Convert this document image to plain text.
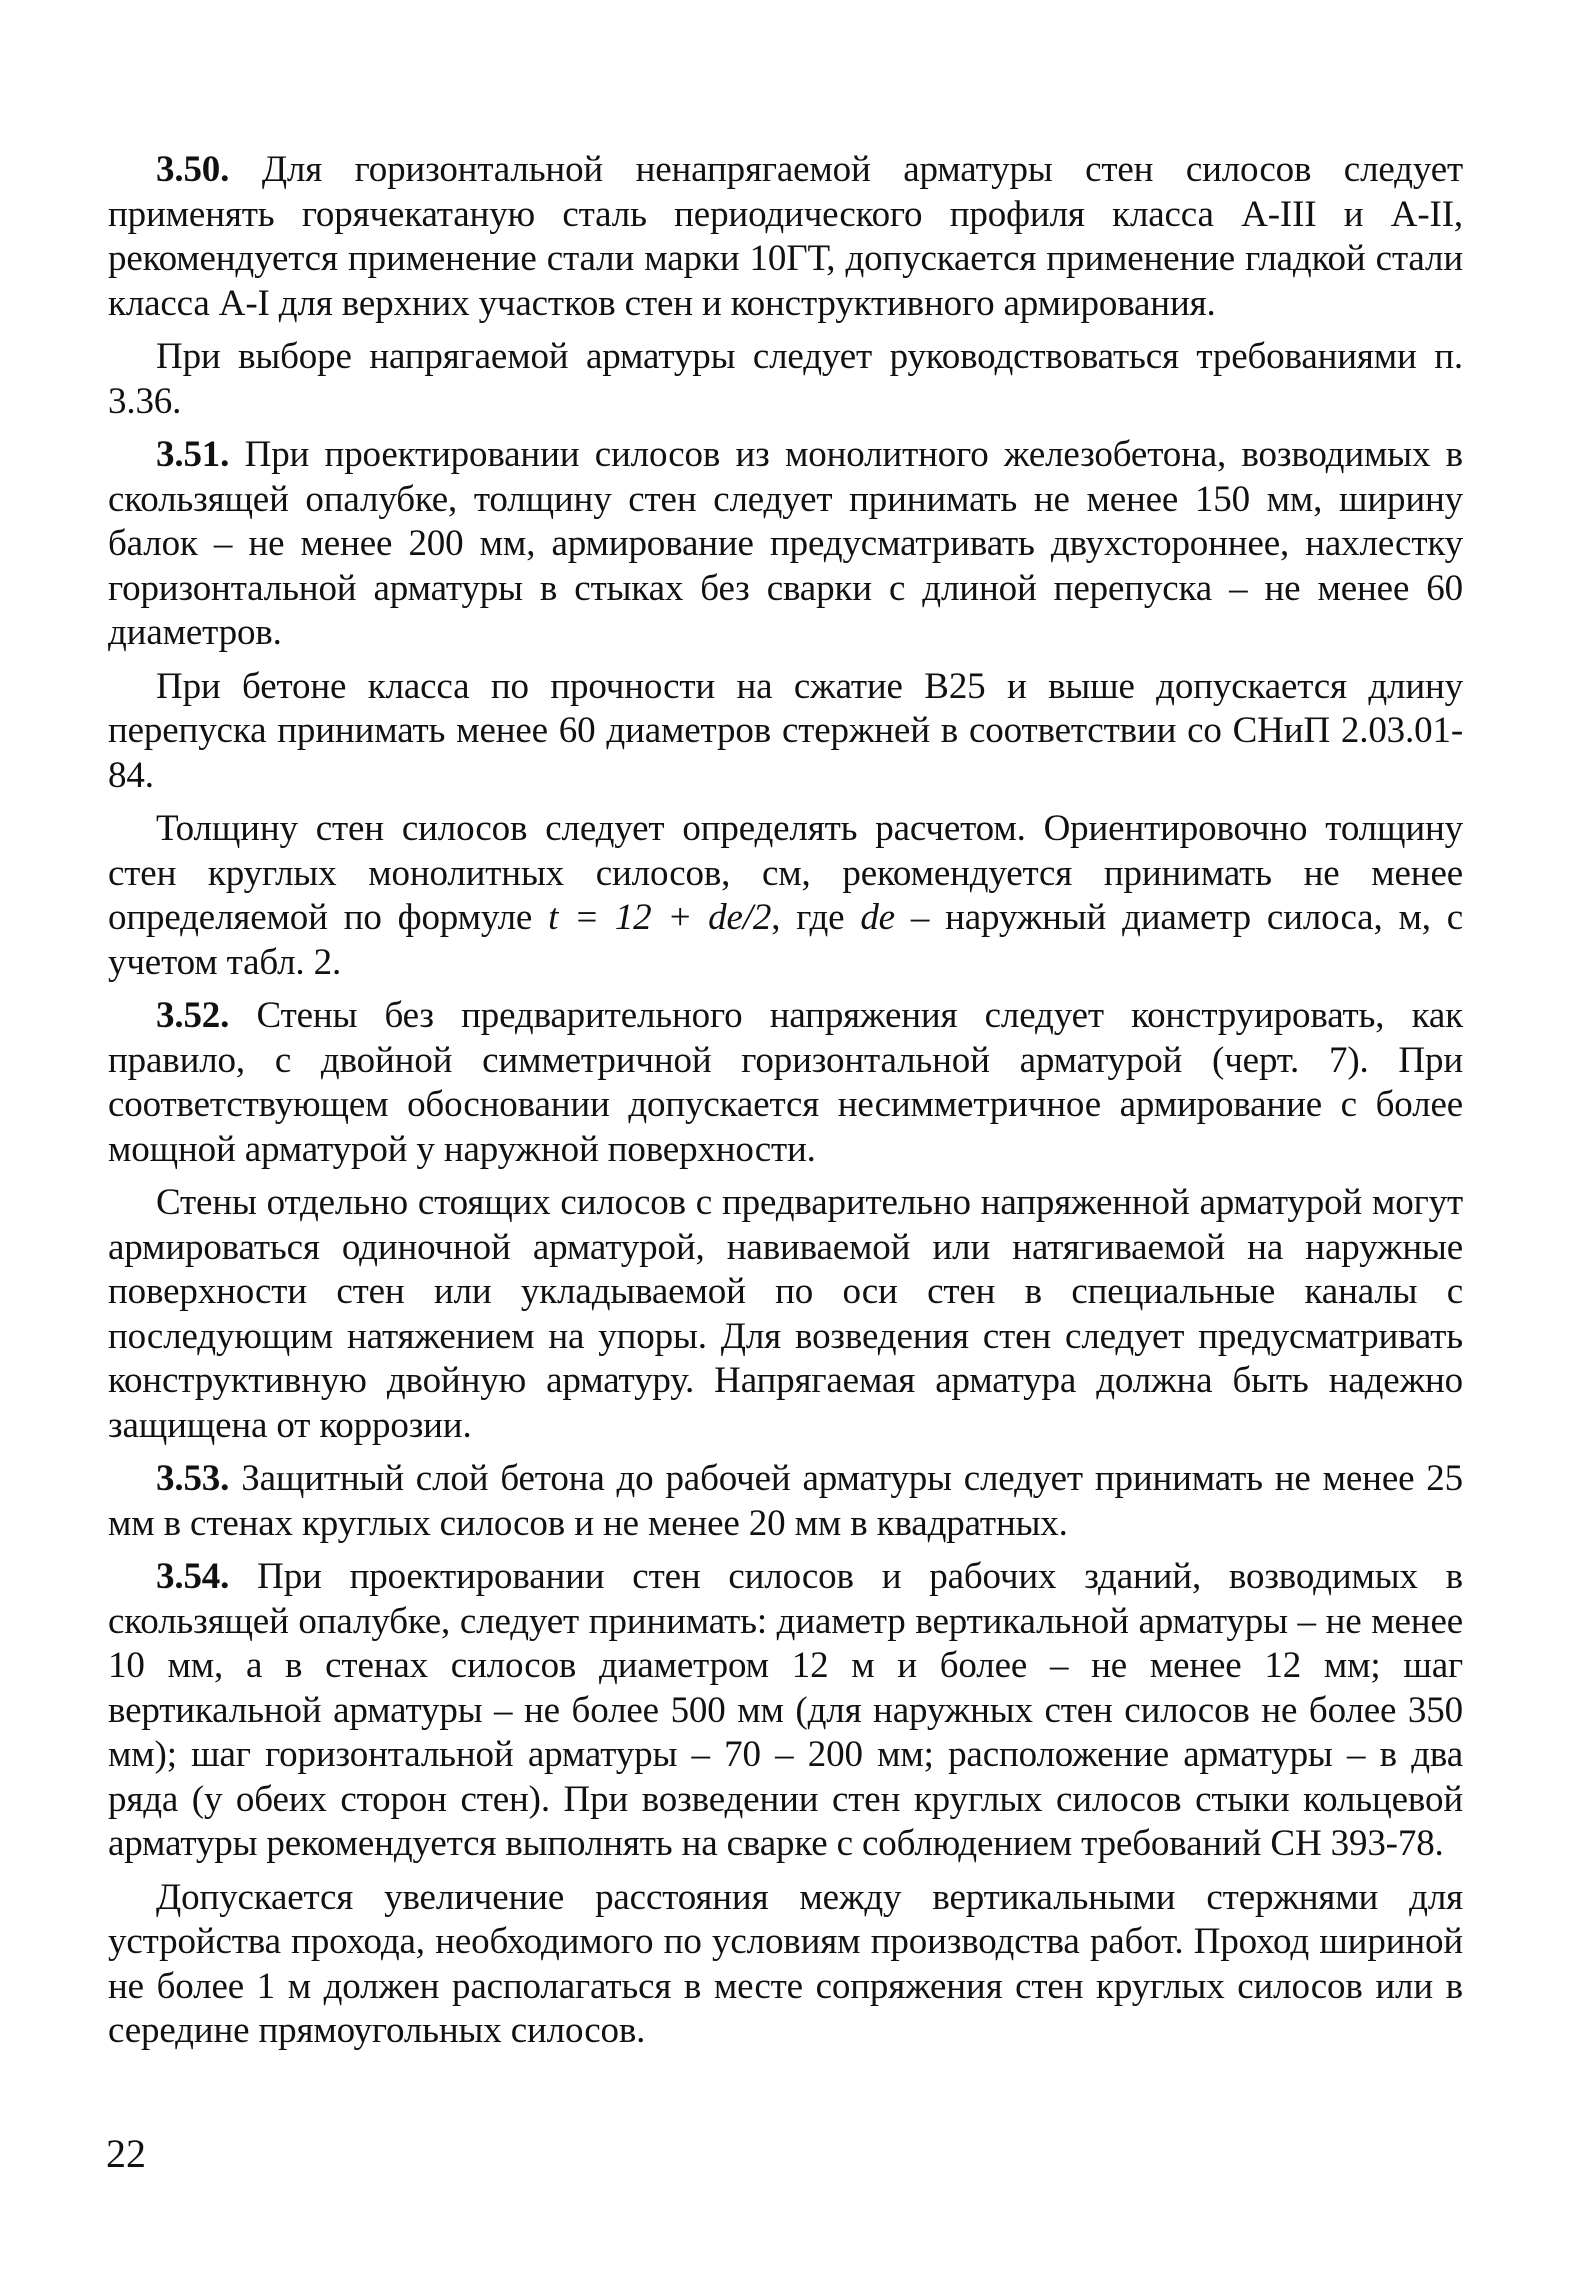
3.50. Для горизонтальной ненапрягаемой арматуры стен силосов следует применять горячекатаную сталь периодического профиля класса А-III и А-II, рекомендуется применение стали марки 10ГТ, допускается применение гладкой стали класса А-I для верхних участков стен и конструктивного армирования.

При выборе напрягаемой арматуры следует руководствоваться требованиями п. 3.36.

3.51. При проектировании силосов из монолитного железобетона, возводимых в скользящей опалубке, толщину стен следует принимать не менее 150 мм, ширину балок – не менее 200 мм, армирование предусматривать двухстороннее, нахлестку горизонтальной арматуры в стыках без сварки с длиной перепуска – не менее 60 диаметров.

При бетоне класса по прочности на сжатие В25 и выше допускается длину перепуска принимать менее 60 диаметров стержней в соответствии со СНиП 2.03.01-84.

Толщину стен силосов следует определять расчетом. Ориентировочно толщину стен круглых монолитных силосов, см, рекомендуется принимать не менее определяемой по формуле t = 12 + de/2, где de – наружный диаметр силоса, м, с учетом табл. 2.

3.52. Стены без предварительного напряжения следует конструировать, как правило, с двойной симметричной горизонтальной арматурой (черт. 7). При соответствующем обосновании допускается несимметричное армирование с более мощной арматурой у наружной поверхности.

Стены отдельно стоящих силосов с предварительно напряженной арматурой могут армироваться одиночной арматурой, навиваемой или натягиваемой на наружные поверхности стен или укладываемой по оси стен в специальные каналы с последующим натяжением на упоры. Для возведения стен следует предусматривать конструктивную двойную арматуру. Напрягаемая арматура должна быть надежно защищена от коррозии.

3.53. Защитный слой бетона до рабочей арматуры следует принимать не менее 25 мм в стенах круглых силосов и не менее 20 мм в квадратных.

3.54. При проектировании стен силосов и рабочих зданий, возводимых в скользящей опалубке, следует принимать: диаметр вертикальной арматуры – не менее 10 мм, а в стенах силосов диаметром 12 м и более – не менее 12 мм; шаг вертикальной арматуры – не более 500 мм (для наружных стен силосов не более 350 мм); шаг горизонтальной арматуры – 70 – 200 мм; расположение арматуры – в два ряда (у обеих сторон стен). При возведении стен круглых силосов стыки кольцевой арматуры рекомендуется выполнять на сварке с соблюдением требований СН 393-78.

Допускается увеличение расстояния между вертикальными стержнями для устройства прохода, необходимого по условиям производства работ. Проход шириной не более 1 м должен располагаться в месте сопряжения стен круглых силосов или в середине прямоугольных силосов.

22
